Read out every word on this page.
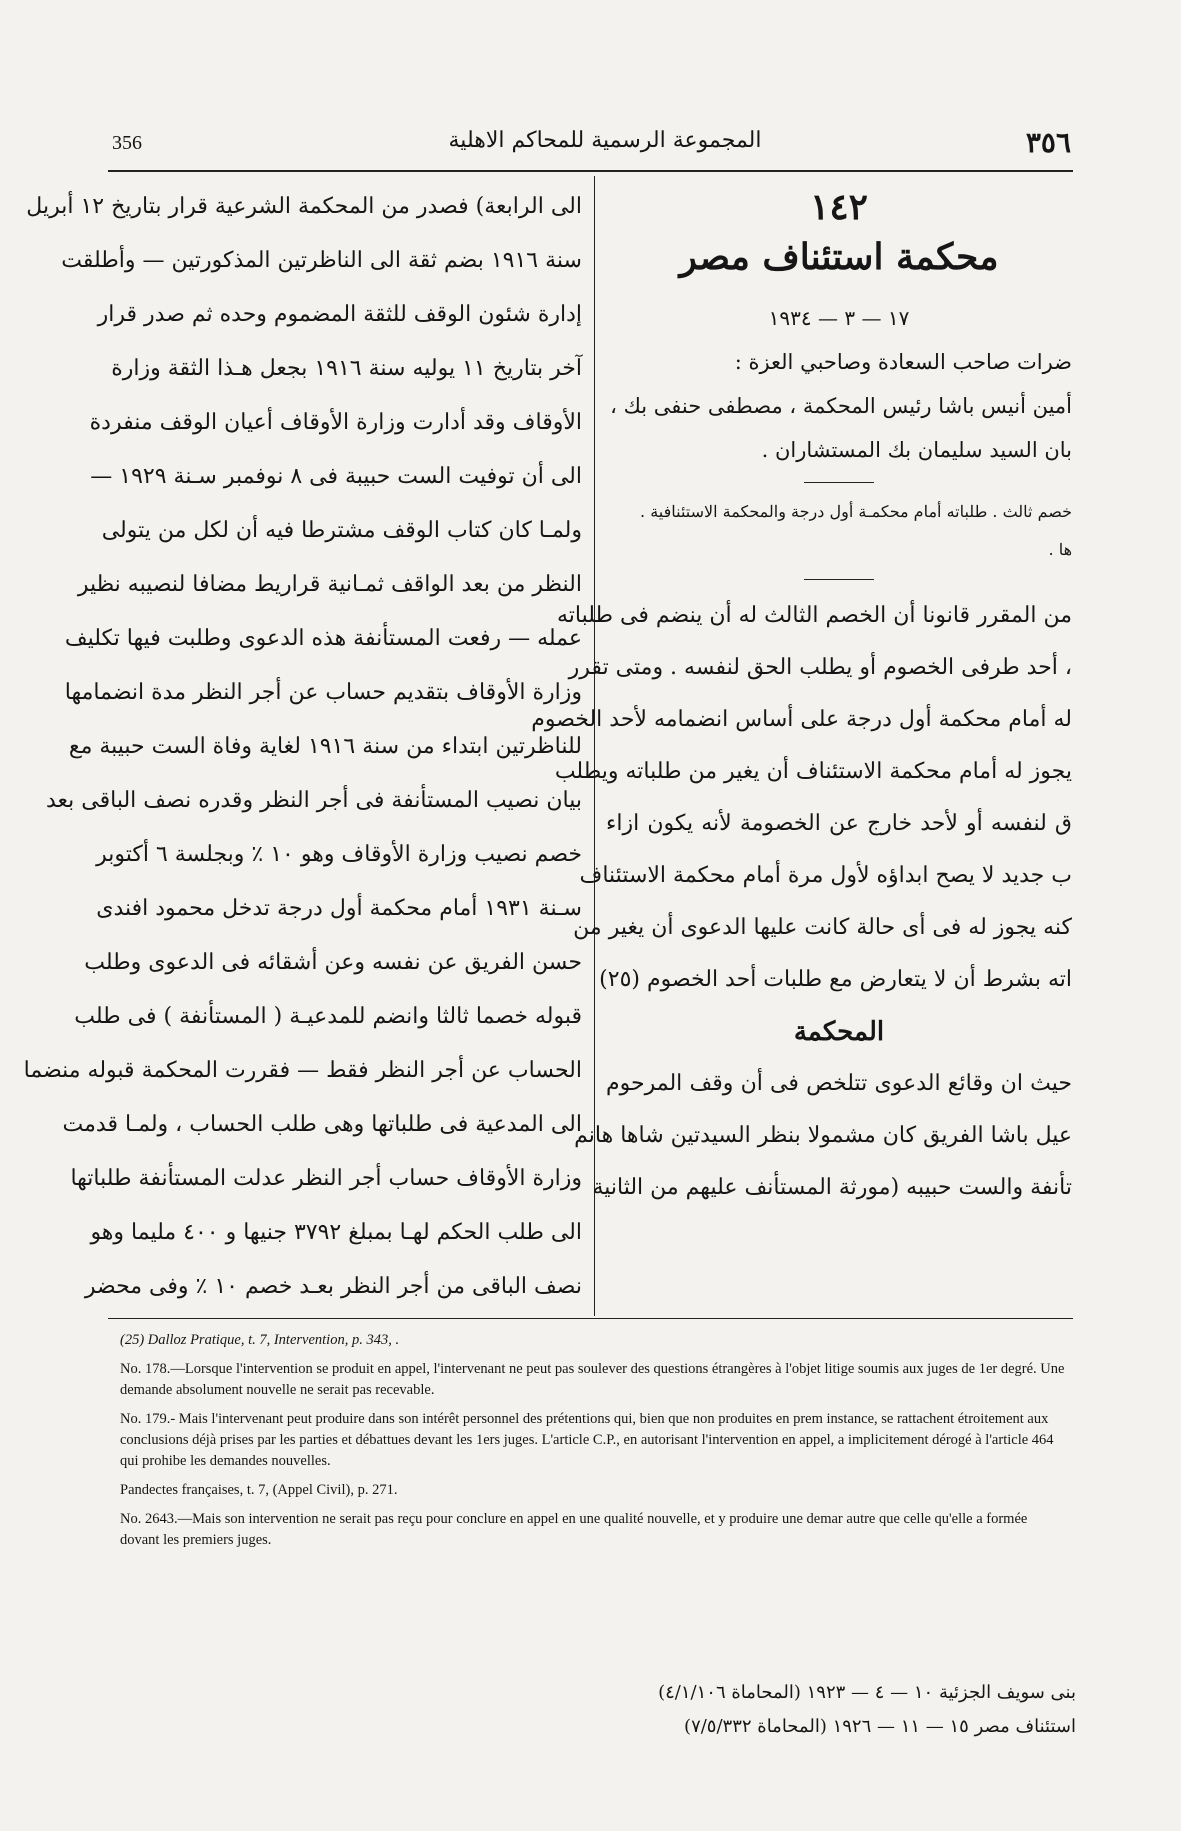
356	المجموعة الرسمية للمحاكم الاهلية	٣٥٦
الى الرابعة) فصدر من المحكمة الشرعية قرار بتاريخ ١٢ أبريل
سنة ١٩١٦ بضم ثقة الى الناظرتين المذكورتين — وأطلقت
إدارة شئون الوقف للثقة المضموم وحده ثم صدر قرار
آخر بتاريخ ١١ يوليه سنة ١٩١٦ بجعل هـذا الثقة وزارة
الأوقاف وقد أدارت وزارة الأوقاف أعيان الوقف منفردة
الى أن توفيت الست حبيبة فى ٨ نوفمبر سـنة ١٩٢٩ —
ولمـا كان كتاب الوقف مشترطا فيه أن لكل من يتولى
النظر من بعد الواقف ثمـانية قراريط مضافا لنصيبه نظير
عمله — رفعت المستأنفة هذه الدعوى وطلبت فيها تكليف
وزارة الأوقاف بتقديم حساب عن أجر النظر مدة انضمامها
للناظرتين ابتداء من سنة ١٩١٦ لغاية وفاة الست حبيبة مع
بيان نصيب المستأنفة فى أجر النظر وقدره نصف الباقى بعد
خصم نصيب وزارة الأوقاف وهو ١٠ ٪ وبجلسة ٦ أكتوبر
سـنة ١٩٣١ أمام محكمة أول درجة تدخل محمود افندى
حسن الفريق عن نفسه وعن أشقائه فى الدعوى وطلب
قبوله خصما ثالثا وانضم للمدعيـة ( المستأنفة ) فى طلب
الحساب عن أجر النظر فقط — فقررت المحكمة قبوله منضما
الى المدعية فى طلباتها وهى طلب الحساب ، ولمـا قدمت
وزارة الأوقاف حساب أجر النظر عدلت المستأنفة طلباتها
الى طلب الحكم لهـا بمبلغ ٣٧٩٢ جنيها و ٤٠٠ مليما وهو
نصف الباقى من أجر النظر بعـد خصم ١٠ ٪ وفى محضر
١٤٢
محكمة استئناف مصر
١٧ — ٣ — ١٩٣٤
ضرات صاحب السعادة وصاحبي العزة :
أمين أنيس باشا رئيس المحكمة ، مصطفى حنفى بك ،
بان السيد سليمان بك المستشاران .
خصم ثالث . طلباته أمام محكمـة أول درجة والمحكمة الاستئنافية .
ها .
من المقرر قانونا أن الخصم الثالث له أن ينضم فى طلباته
، أحد طرفى الخصوم أو يطلب الحق لنفسه . ومتى تقرر
له أمام محكمة أول درجة على أساس انضمامه لأحد الخصوم
يجوز له أمام محكمة الاستئناف أن يغير من طلباته ويطلب
ق لنفسه أو لأحد خارج عن الخصومة لأنه يكون ازاء
ب جديد لا يصح ابداؤه لأول مرة أمام محكمة الاستئناف
كنه يجوز له فى أى حالة كانت عليها الدعوى أن يغير من
اته بشرط أن لا يتعارض مع طلبات أحد الخصوم (٢٥)
المحكمة
حيث ان وقائع الدعوى تتلخص فى أن وقف المرحوم
عيل باشا الفريق كان مشمولا بنظر السيدتين شاها هانم
تأنفة والست حبيبه (مورثة المستأنف عليهم من الثانية

(25) Dalloz Pratique, t. 7, Intervention, p. 343, .

No. 178.—Lorsque l'intervention se produit en appel, l'intervenant ne peut pas soulever des questions étrangères à l'objet litige soumis aux juges de 1er degré. Une demande absolument nouvelle ne serait pas recevable.

No. 179.- Mais l'intervenant peut produire dans son intérêt personnel des prétentions qui, bien que non produites en prem instance, se rattachent étroitement aux conclusions déjà prises par les parties et débattues devant les 1ers juges. L'article C.P., en autorisant l'intervention en appel, a implicitement dérogé à l'article 464 qui prohibe les demandes nouvelles.

Pandectes françaises, t. 7, (Appel Civil), p. 271.

No. 2643.—Mais son intervention ne serait pas reçu pour conclure en appel en une qualité nouvelle, et y produire une demar autre que celle qu'elle a formée dovant les premiers juges.

بنى سويف الجزئية ١٠ — ٤ — ١٩٢٣ (المحاماة ٤/١/١٠٦)
استئناف مصر ١٥ — ١١ — ١٩٢٦ (المحاماة ٧/٥/٣٣٢)
